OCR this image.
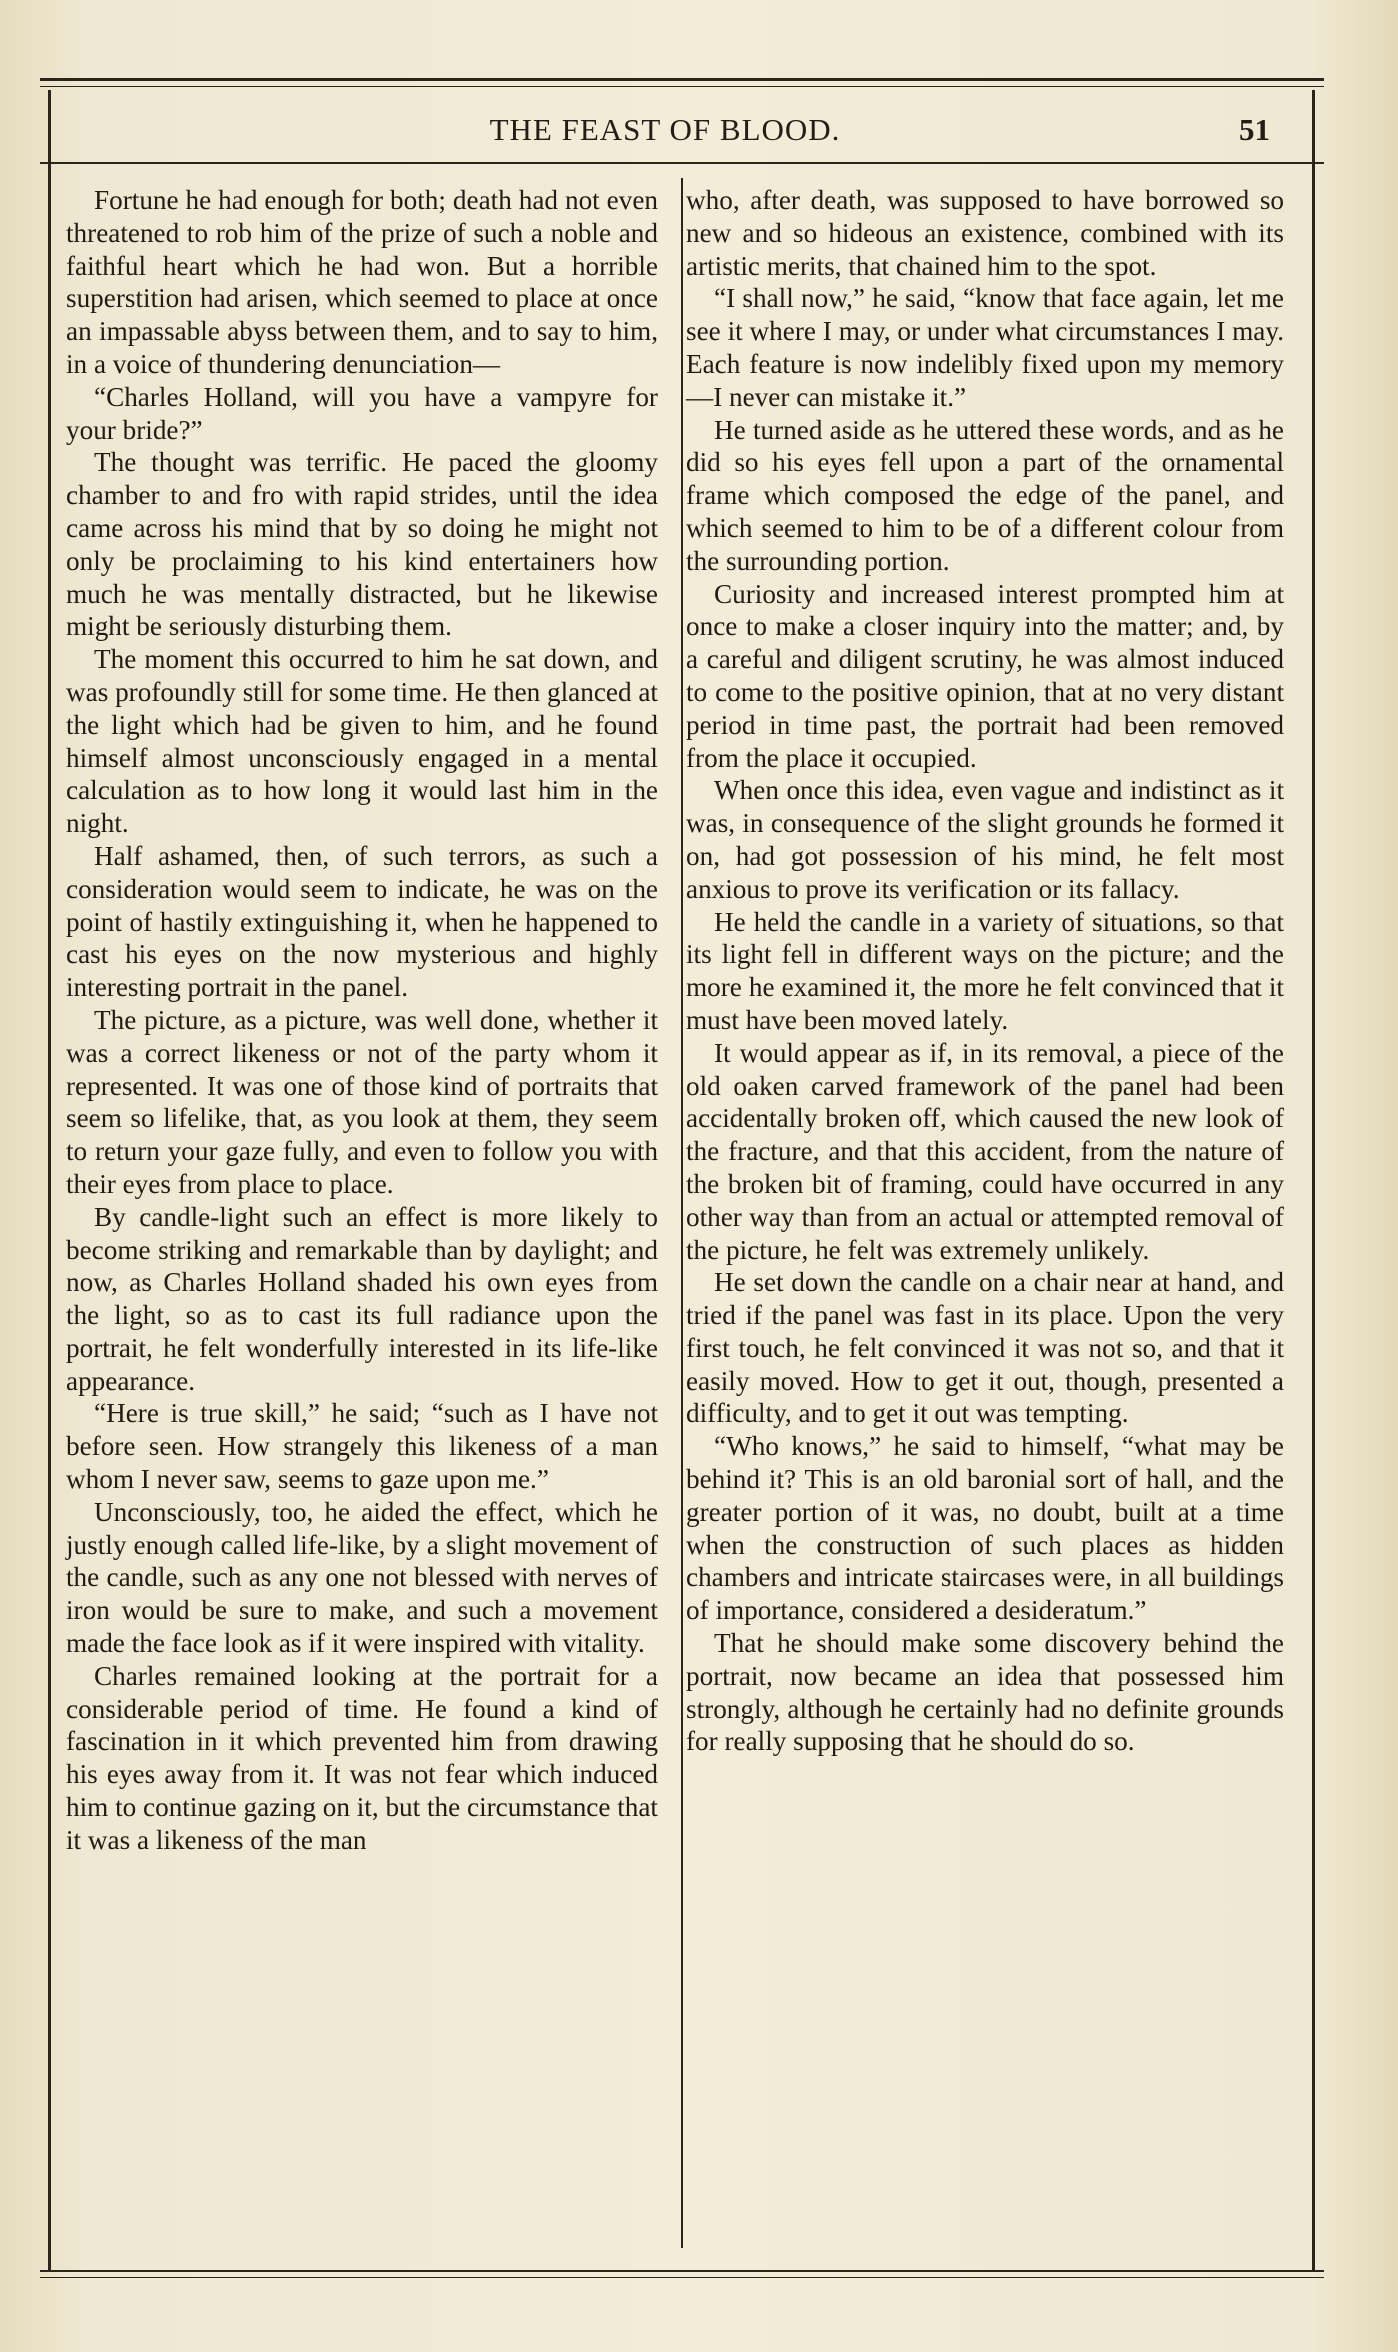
THE FEAST OF BLOOD.	51

Fortune he had enough for both; death had not even threatened to rob him of the prize of such a noble and faithful heart which he had won. But a horrible superstition had arisen, which seemed to place at once an impassable abyss between them, and to say to him, in a voice of thundering denunciation—

“Charles Holland, will you have a vampyre for your bride?”

The thought was terrific. He paced the gloomy chamber to and fro with rapid strides, until the idea came across his mind that by so doing he might not only be proclaiming to his kind entertainers how much he was mentally distracted, but he likewise might be seriously disturbing them.

The moment this occurred to him he sat down, and was profoundly still for some time. He then glanced at the light which had be given to him, and he found himself almost unconsciously engaged in a mental calculation as to how long it would last him in the night.

Half ashamed, then, of such terrors, as such a consideration would seem to indicate, he was on the point of hastily extinguishing it, when he happened to cast his eyes on the now mysterious and highly interesting portrait in the panel.

The picture, as a picture, was well done, whether it was a correct likeness or not of the party whom it represented. It was one of those kind of portraits that seem so lifelike, that, as you look at them, they seem to return your gaze fully, and even to follow you with their eyes from place to place.

By candle-light such an effect is more likely to become striking and remarkable than by daylight; and now, as Charles Holland shaded his own eyes from the light, so as to cast its full radiance upon the portrait, he felt wonderfully interested in its life-like appearance.

“Here is true skill,” he said; “such as I have not before seen. How strangely this likeness of a man whom I never saw, seems to gaze upon me.”

Unconsciously, too, he aided the effect, which he justly enough called life-like, by a slight movement of the candle, such as any one not blessed with nerves of iron would be sure to make, and such a movement made the face look as if it were inspired with vitality.

Charles remained looking at the portrait for a considerable period of time. He found a kind of fascination in it which prevented him from drawing his eyes away from it. It was not fear which induced him to continue gazing on it, but the circumstance that it was a likeness of the man

who, after death, was supposed to have borrowed so new and so hideous an existence, combined with its artistic merits, that chained him to the spot.

“I shall now,” he said, “know that face again, let me see it where I may, or under what circumstances I may. Each feature is now indelibly fixed upon my memory—I never can mistake it.”

He turned aside as he uttered these words, and as he did so his eyes fell upon a part of the ornamental frame which composed the edge of the panel, and which seemed to him to be of a different colour from the surrounding portion.

Curiosity and increased interest prompted him at once to make a closer inquiry into the matter; and, by a careful and diligent scrutiny, he was almost induced to come to the positive opinion, that at no very distant period in time past, the portrait had been removed from the place it occupied.

When once this idea, even vague and indistinct as it was, in consequence of the slight grounds he formed it on, had got possession of his mind, he felt most anxious to prove its verification or its fallacy.

He held the candle in a variety of situations, so that its light fell in different ways on the picture; and the more he examined it, the more he felt convinced that it must have been moved lately.

It would appear as if, in its removal, a piece of the old oaken carved framework of the panel had been accidentally broken off, which caused the new look of the fracture, and that this accident, from the nature of the broken bit of framing, could have occurred in any other way than from an actual or attempted removal of the picture, he felt was extremely unlikely.

He set down the candle on a chair near at hand, and tried if the panel was fast in its place. Upon the very first touch, he felt convinced it was not so, and that it easily moved. How to get it out, though, presented a difficulty, and to get it out was tempting.

“Who knows,” he said to himself, “what may be behind it? This is an old baronial sort of hall, and the greater portion of it was, no doubt, built at a time when the construction of such places as hidden chambers and intricate staircases were, in all buildings of importance, considered a desideratum.”

That he should make some discovery behind the portrait, now became an idea that possessed him strongly, although he certainly had no definite grounds for really supposing that he should do so.
